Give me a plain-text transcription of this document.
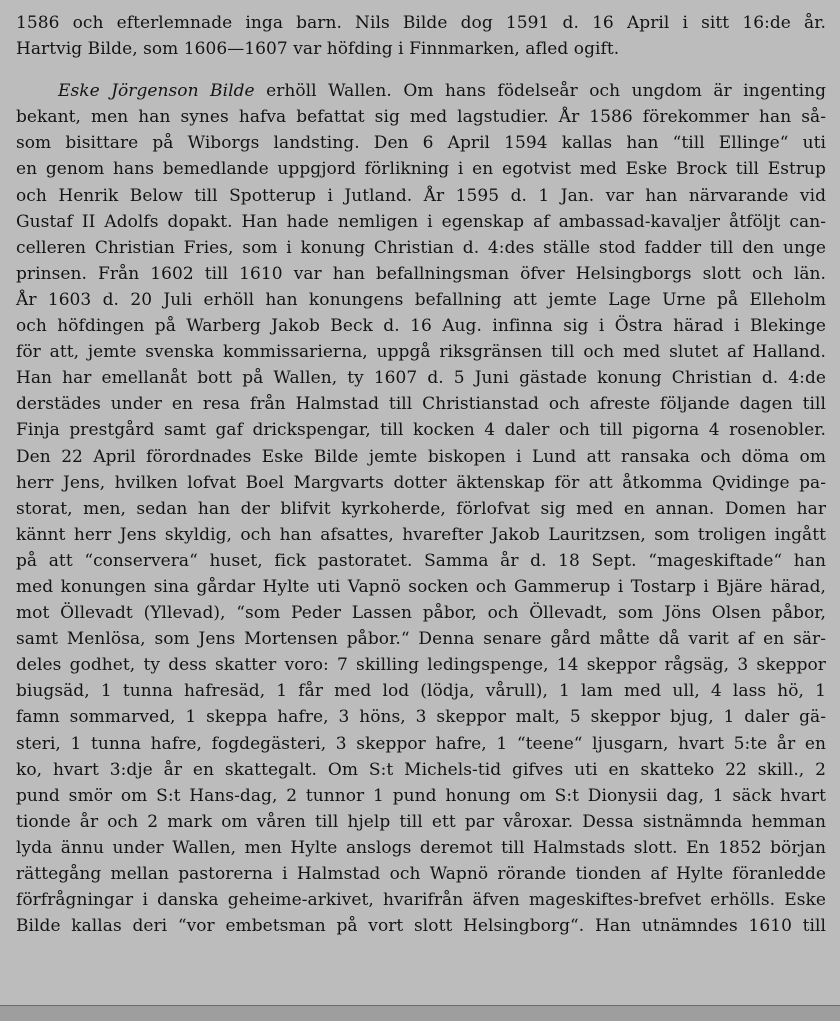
1586 och efterlemnade inga barn. Nils Bilde dog 1591 d. 16 April i sitt 16:de år.
Hartvig Bilde, som 1606—1607 var höfding i Finnmarken, afled ogift.
Eske Jörgenson Bilde erhöll Wallen. Om hans födelseår och ungdom är ingenting
bekant, men han synes hafva befattat sig med lagstudier. År 1586 förekommer han så-
som bisittare på Wiborgs landsting. Den 6 April 1594 kallas han “till Ellinge“ uti
en genom hans bemedlande uppgjord förlikning i en egotvist med Eske Brock till Estrup
och Henrik Below till Spotterup i Jutland. År 1595 d. 1 Jan. var han närvarande vid
Gustaf II Adolfs dopakt. Han hade nemligen i egenskap af ambassad-kavaljer åtföljt can-
celleren Christian Fries, som i konung Christian d. 4:des ställe stod fadder till den unge
prinsen. Från 1602 till 1610 var han befallningsman öfver Helsingborgs slott och län.
År 1603 d. 20 Juli erhöll han konungens befallning att jemte Lage Urne på Elleholm
och höfdingen på Warberg Jakob Beck d. 16 Aug. infinna sig i Östra härad i Blekinge
för att, jemte svenska kommissarierna, uppgå riksgränsen till och med slutet af Halland.
Han har emellanåt bott på Wallen, ty 1607 d. 5 Juni gästade konung Christian d. 4:de
derstädes under en resa från Halmstad till Christianstad och afreste följande dagen till
Finja prestgård samt gaf drickspengar, till kocken 4 daler och till pigorna 4 rosenobler.
Den 22 April förordnades Eske Bilde jemte biskopen i Lund att ransaka och döma om
herr Jens, hvilken lofvat Boel Margvarts dotter äktenskap för att åtkomma Qvidinge pa-
storat, men, sedan han der blifvit kyrkoherde, förlofvat sig med en annan. Domen har
kännt herr Jens skyldig, och han afsattes, hvarefter Jakob Lauritzsen, som troligen ingått
på att “conservera“ huset, fick pastoratet. Samma år d. 18 Sept. “mageskiftade“ han
med konungen sina gårdar Hylte uti Vapnö socken och Gammerup i Tostarp i Bjäre härad,
mot Öllevadt (Yllevad), “som Peder Lassen påbor, och Öllevadt, som Jöns Olsen påbor,
samt Menlösa, som Jens Mortensen påbor.“ Denna senare gård måtte då varit af en sär-
deles godhet, ty dess skatter voro: 7 skilling ledingspenge, 14 skeppor rågsäg, 3 skeppor
biugsäd, 1 tunna hafresäd, 1 får med lod (lödja, vårull), 1 lam med ull, 4 lass hö, 1
famn sommarved, 1 skeppa hafre, 3 höns, 3 skeppor malt, 5 skeppor bjug, 1 daler gä-
steri, 1 tunna hafre, fogdegästeri, 3 skeppor hafre, 1 “teene“ ljusgarn, hvart 5:te år en
ko, hvart 3:dje år en skattegalt. Om S:t Michels-tid gifves uti en skatteko 22 skill., 2
pund smör om S:t Hans-dag, 2 tunnor 1 pund honung om S:t Dionysii dag, 1 säck hvart
tionde år och 2 mark om våren till hjelp till ett par våroxar. Dessa sistnämnda hemman
lyda ännu under Wallen, men Hylte anslogs deremot till Halmstads slott. En 1852 början
rättegång mellan pastorerna i Halmstad och Wapnö rörande tionden af Hylte föranledde
förfrågningar i danska geheime-arkivet, hvarifrån äfven mageskiftes-brefvet erhölls. Eske
Bilde kallas deri “vor embetsman på vort slott Helsingborg“. Han utnämndes 1610 till
